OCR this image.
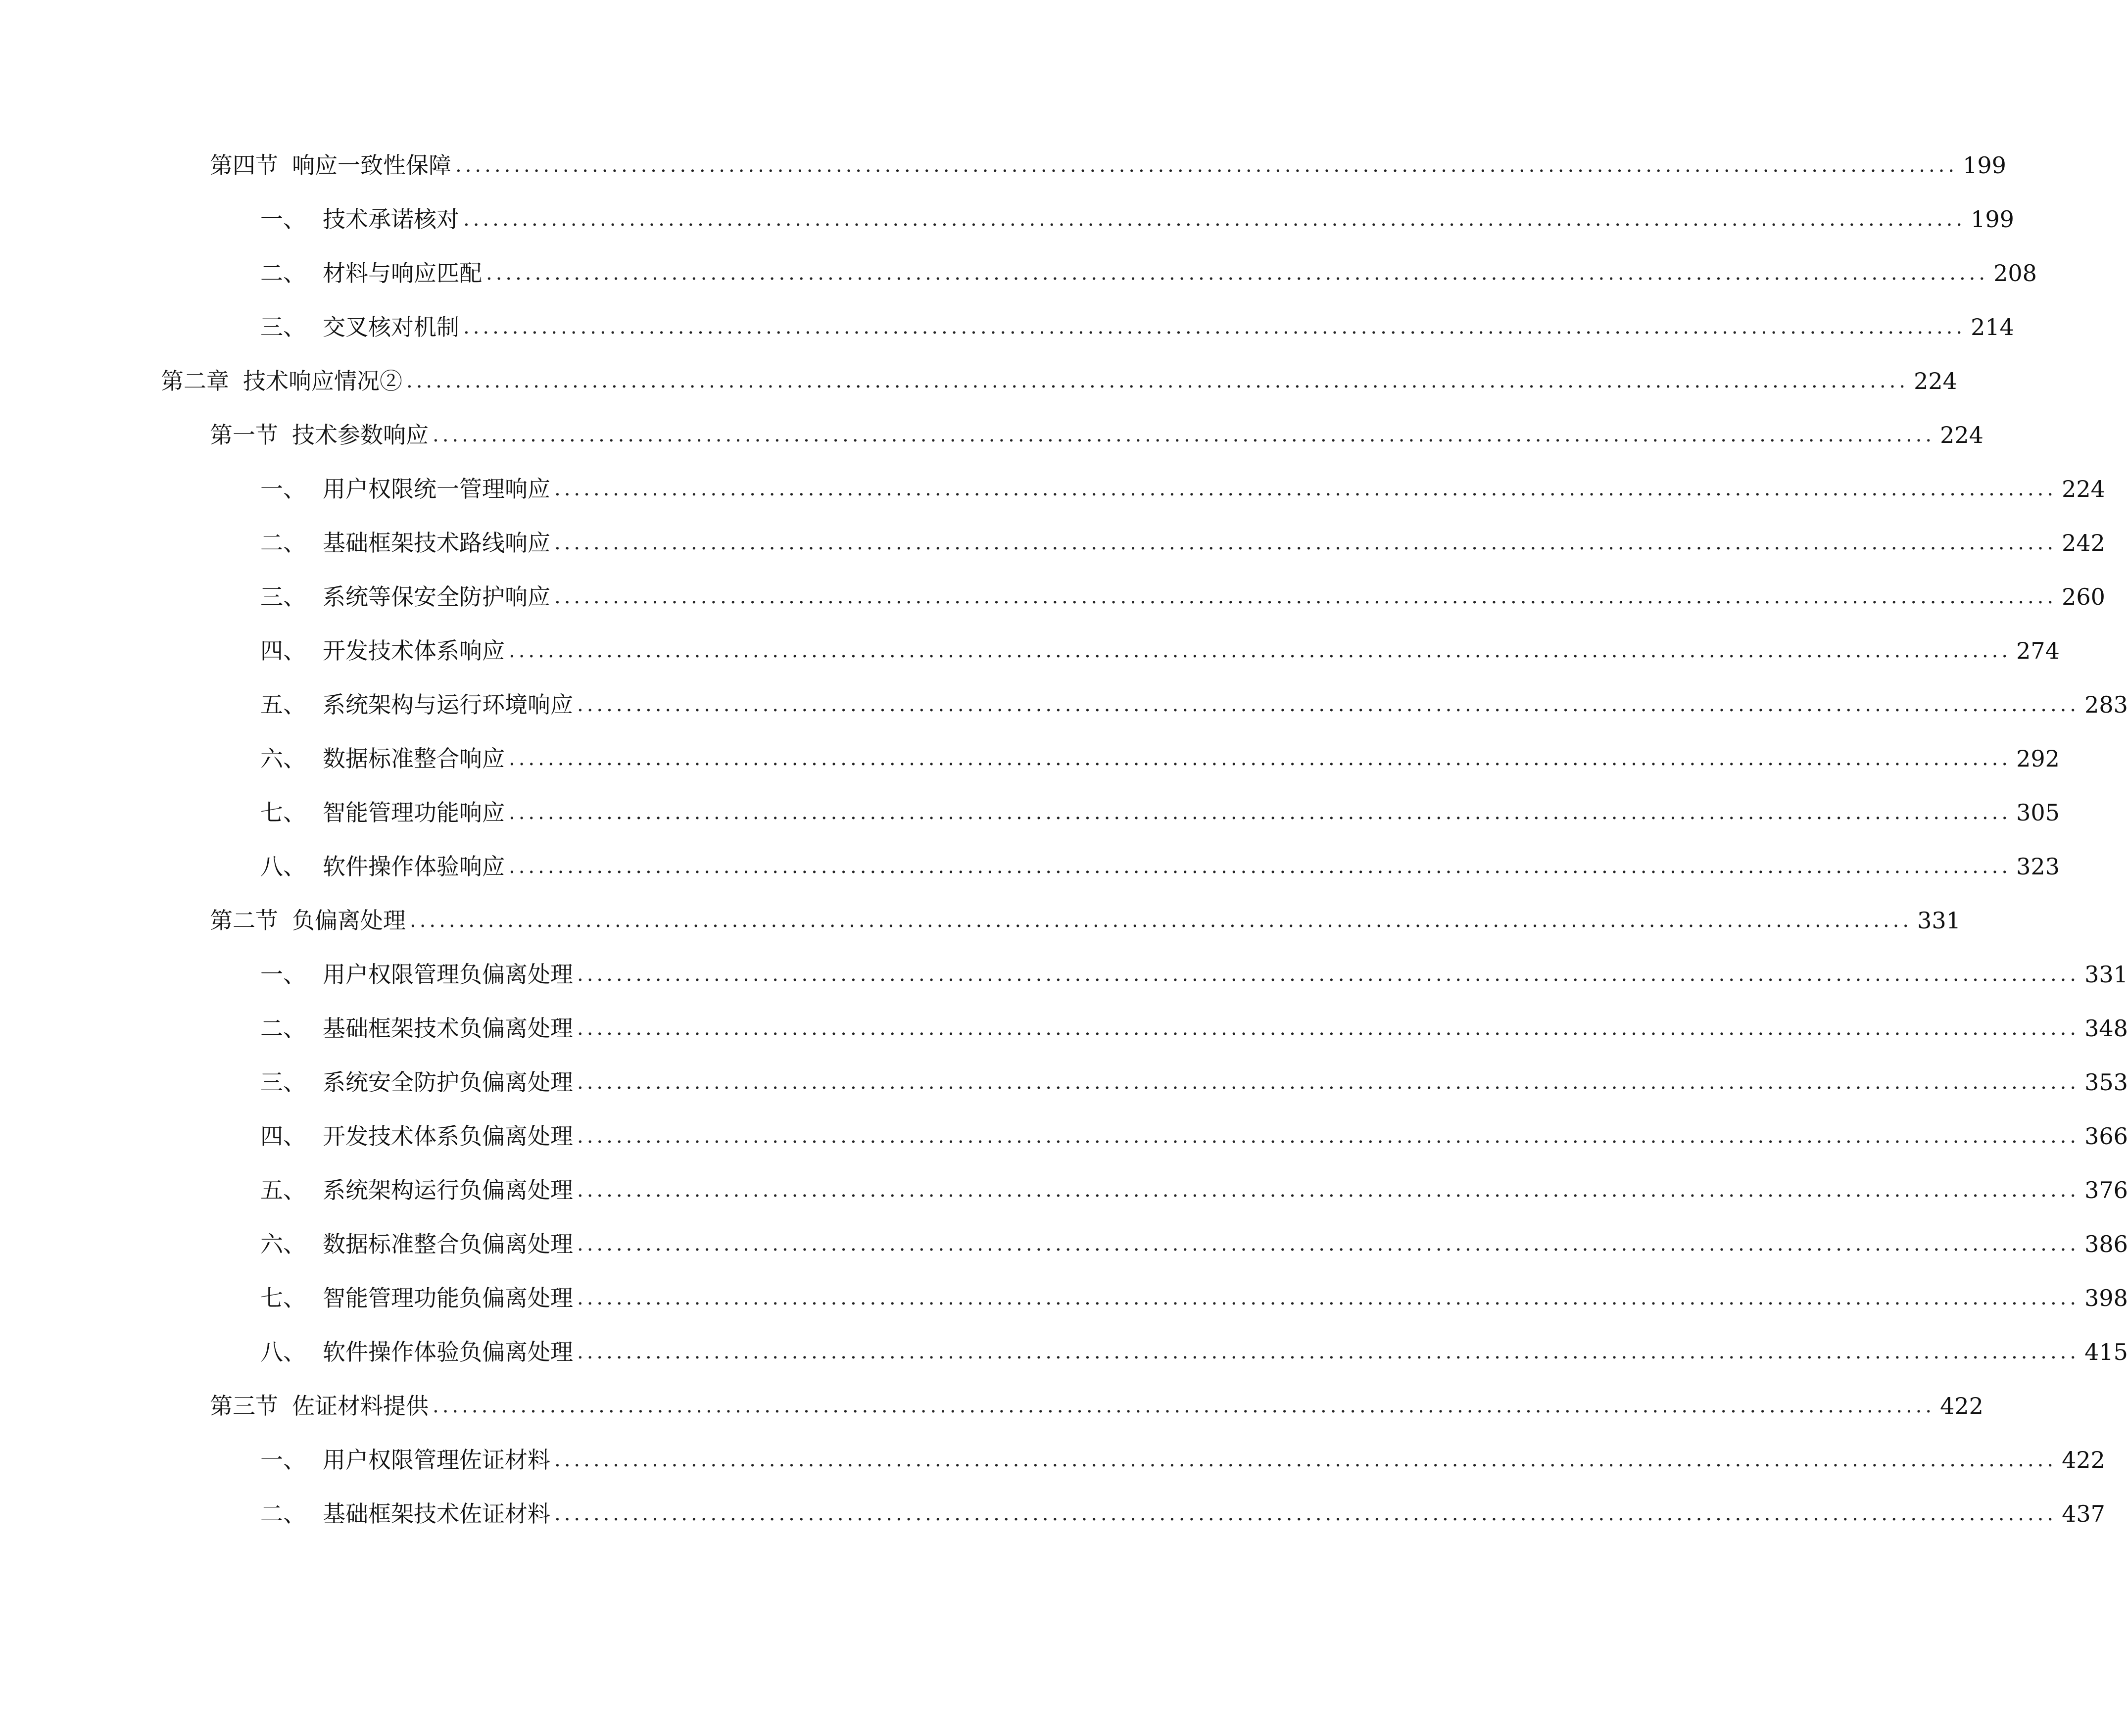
第四节 响应一致性保障 .......................................................................................................................................................... 199
一、 技术承诺核对 .......................................................................................................................................................... 199
二、 材料与响应匹配 .......................................................................................................................................................... 208
三、 交叉核对机制 .......................................................................................................................................................... 214
第二章 技术响应情况② .......................................................................................................................................................... 224
第一节 技术参数响应 .......................................................................................................................................................... 224
一、 用户权限统一管理响应 .......................................................................................................................................................... 224
二、 基础框架技术路线响应 .......................................................................................................................................................... 242
三、 系统等保安全防护响应 .......................................................................................................................................................... 260
四、 开发技术体系响应 .......................................................................................................................................................... 274
五、 系统架构与运行环境响应 .......................................................................................................................................................... 283
六、 数据标准整合响应 .......................................................................................................................................................... 292
七、 智能管理功能响应 .......................................................................................................................................................... 305
八、 软件操作体验响应 .......................................................................................................................................................... 323
第二节 负偏离处理 .......................................................................................................................................................... 331
一、 用户权限管理负偏离处理 .......................................................................................................................................................... 331
二、 基础框架技术负偏离处理 .......................................................................................................................................................... 348
三、 系统安全防护负偏离处理 .......................................................................................................................................................... 353
四、 开发技术体系负偏离处理 .......................................................................................................................................................... 366
五、 系统架构运行负偏离处理 .......................................................................................................................................................... 376
六、 数据标准整合负偏离处理 .......................................................................................................................................................... 386
七、 智能管理功能负偏离处理 .......................................................................................................................................................... 398
八、 软件操作体验负偏离处理 .......................................................................................................................................................... 415
第三节 佐证材料提供 .......................................................................................................................................................... 422
一、 用户权限管理佐证材料 .......................................................................................................................................................... 422
二、 基础框架技术佐证材料 .......................................................................................................................................................... 437
